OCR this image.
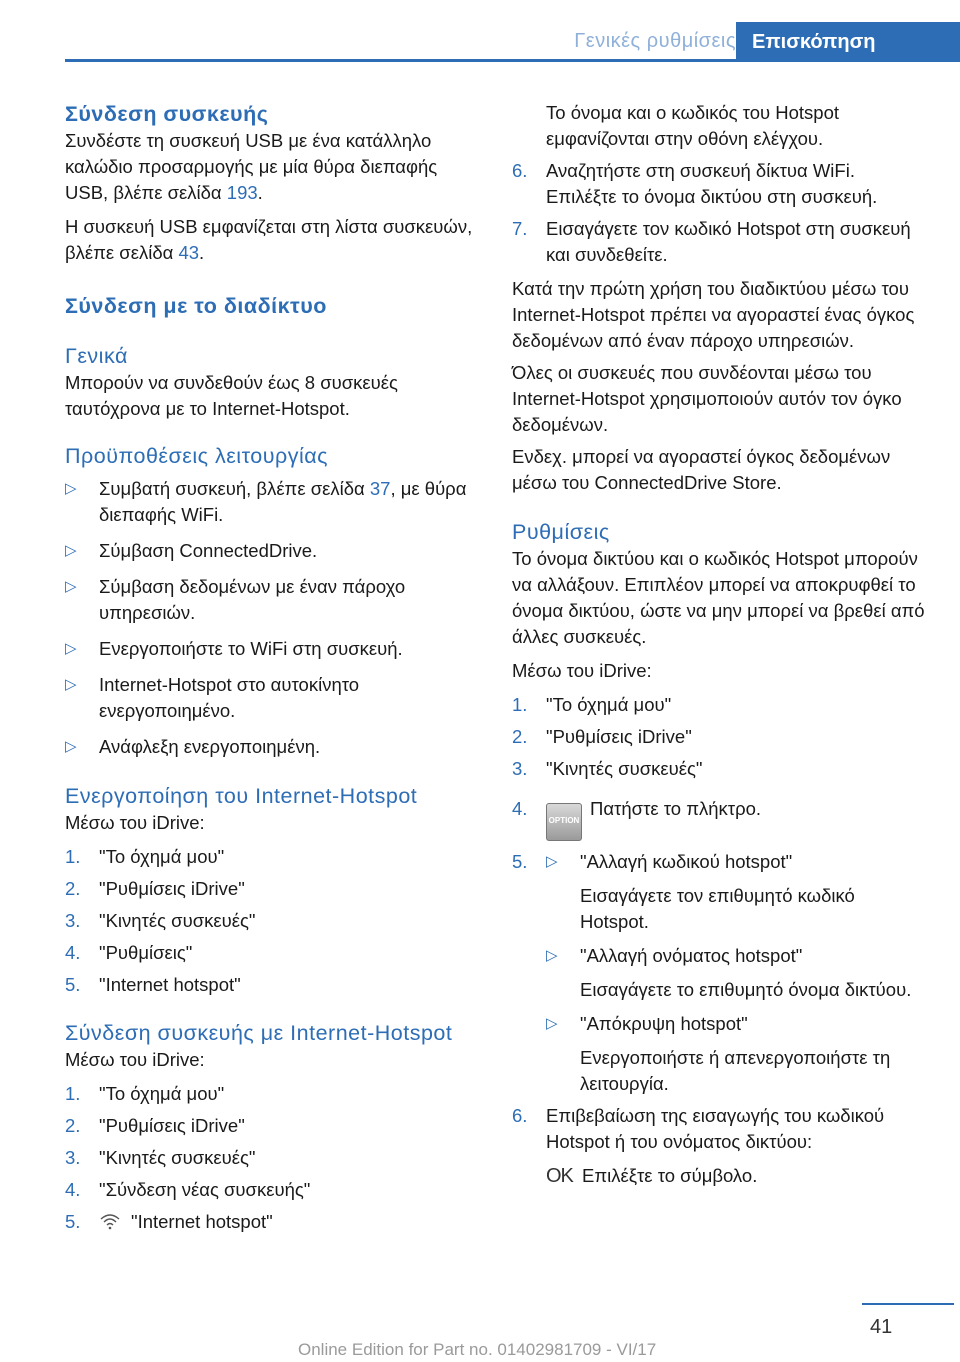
Γενικές ρυθμίσεις Επισκόπηση
Σύνδεση συσκευής

Συνδέστε τη συσκευή USB με ένα κατάλληλο καλώδιο προσαρμογής με μία θύρα διεπαφής USB, βλέπε σελίδα 193.

Η συσκευή USB εμφανίζεται στη λίστα συσκευών, βλέπε σελίδα 43.

Σύνδεση με το διαδίκτυο
Γενικά

Μπορούν να συνδεθούν έως 8 συσκευές ταυτόχρονα με το Internet-Hotspot.

Προϋποθέσεις λειτουργίας
▷ Συμβατή συσκευή, βλέπε σελίδα 37, με θύρα διεπαφής WiFi.
▷ Σύμβαση ConnectedDrive.
▷ Σύμβαση δεδομένων με έναν πάροχο υπηρεσιών.
▷ Ενεργοποιήστε το WiFi στη συσκευή.
▷ Internet-Hotspot στο αυτοκίνητο ενεργοποιημένο.
▷ Ανάφλεξη ενεργοποιημένη.
Ενεργοποίηση του Internet-Hotspot

Μέσω του iDrive:

1. "Το όχημά μου"
2. "Ρυθμίσεις iDrive"
3. "Κινητές συσκευές"
4. "Ρυθμίσεις"
5. "Internet hotspot"
Σύνδεση συσκευής με Internet-Hotspot

Μέσω του iDrive:

1. "Το όχημά μου"
2. "Ρυθμίσεις iDrive"
3. "Κινητές συσκευές"
4. "Σύνδεση νέας συσκευής"
5.	"Internet hotspot"

Το όνομα και ο κωδικός του Hotspot εμφανίζονται στην οθόνη ελέγχου.

6. Αναζητήστε στη συσκευή δίκτυα WiFi. Επιλέξτε το όνομα δικτύου στη συσκευή.
7. Εισαγάγετε τον κωδικό Hotspot στη συσκευή και συνδεθείτε.

Κατά την πρώτη χρήση του διαδικτύου μέσω του Internet-Hotspot πρέπει να αγοραστεί ένας όγκος δεδομένων από έναν πάροχο υπηρεσιών.

Όλες οι συσκευές που συνδέονται μέσω του Internet-Hotspot χρησιμοποιούν αυτόν τον όγκο δεδομένων.

Ενδεχ. μπορεί να αγοραστεί όγκος δεδομένων μέσω του ConnectedDrive Store.

Ρυθμίσεις

Το όνομα δικτύου και ο κωδικός Hotspot μπορούν να αλλάξουν. Επιπλέον μπορεί να αποκρυφθεί το όνομα δικτύου, ώστε να μην μπορεί να βρεθεί από άλλες συσκευές.

Μέσω του iDrive:

1. "Το όχημά μου"
2. "Ρυθμίσεις iDrive"
3. "Κινητές συσκευές"
4.
OPTIONΠατήστε το πλήκτρο.
5. ▷ "Αλλαγή κωδικού hotspot"
Εισαγάγετε τον επιθυμητό κωδικό Hotspot.
▷ "Αλλαγή ονόματος hotspot"
Εισαγάγετε το επιθυμητό όνομα δικτύου.
▷ "Απόκρυψη hotspot"
Ενεργοποιήστε ή απενεργοποιήστε τη λειτουργία.
6. Επιβεβαίωση της εισαγωγής του κωδικού Hotspot ή του ονόματος δικτύου:
OK Επιλέξτε το σύμβολο.
41
Online Edition for Part no. 01402981709 - VI/17
